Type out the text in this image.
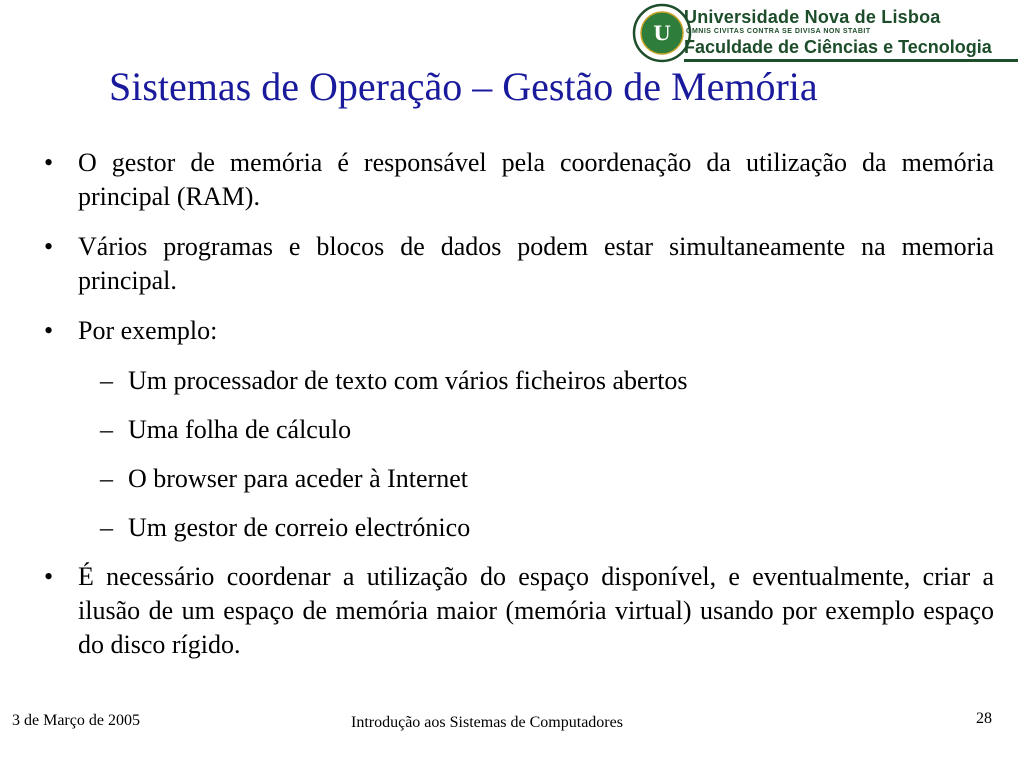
U
Universidade Nova de Lisboa
OMNIS CIVITAS CONTRA SE DIVISA NON STABIT
Faculdade de Ciências e Tecnologia
Sistemas de Operação – Gestão de Memória
• O gestor de memória é responsável pela coordenação da utilização da memória principal (RAM).
• Vários programas e blocos de dados podem estar simultaneamente na memoria principal.
• Por exemplo:
– Um processador de texto com vários ficheiros abertos
– Uma folha de cálculo
– O browser para aceder à Internet
– Um gestor de correio electrónico
• É necessário coordenar a utilização do espaço disponível, e eventualmente, criar a ilusão de um espaço de memória maior (memória virtual) usando por exemplo espaço do disco rígido.
3 de Março de 2005	Introdução aos Sistemas de Computadores	28
